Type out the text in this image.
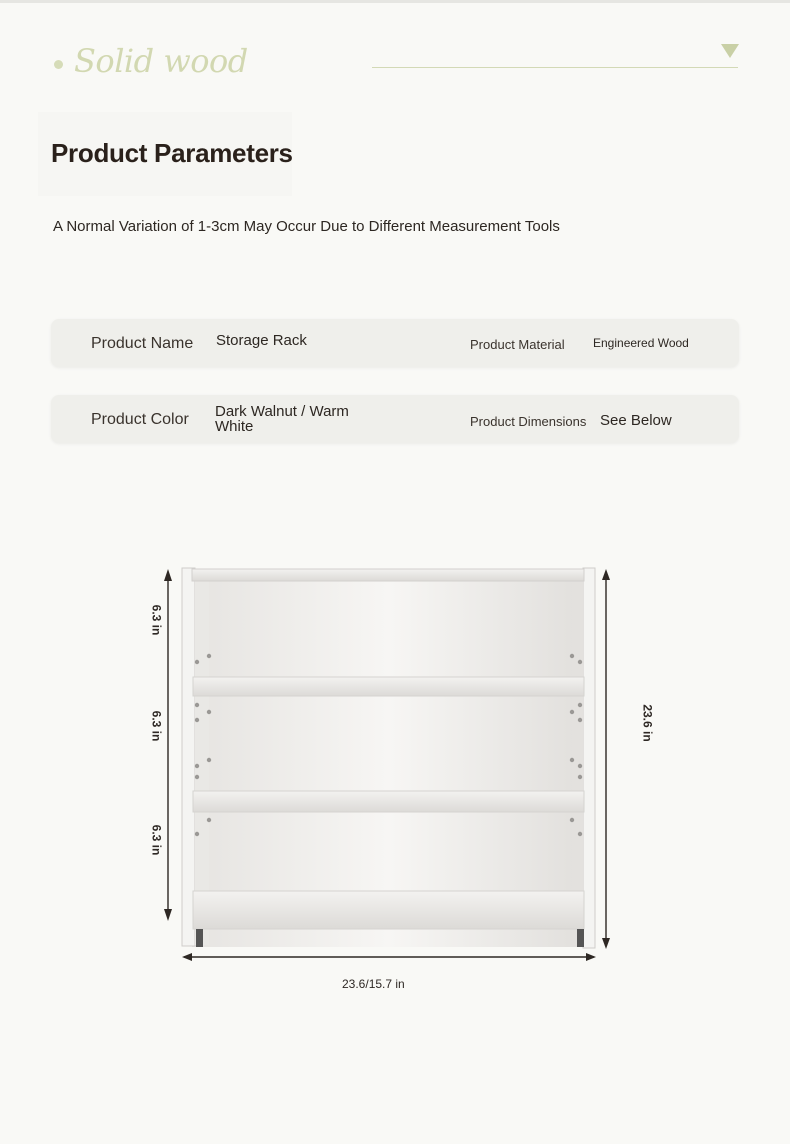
Solid wood
Product Parameters
A Normal Variation of 1-3cm May Occur Due to Different Measurement Tools
Product Name Storage Rack	Product Material Engineered Wood
Product Color Dark Walnut / Warm White	Product Dimensions See Below
6.3 in
6.3 in
6.3 in
23.6 in
23.6/15.7 in
